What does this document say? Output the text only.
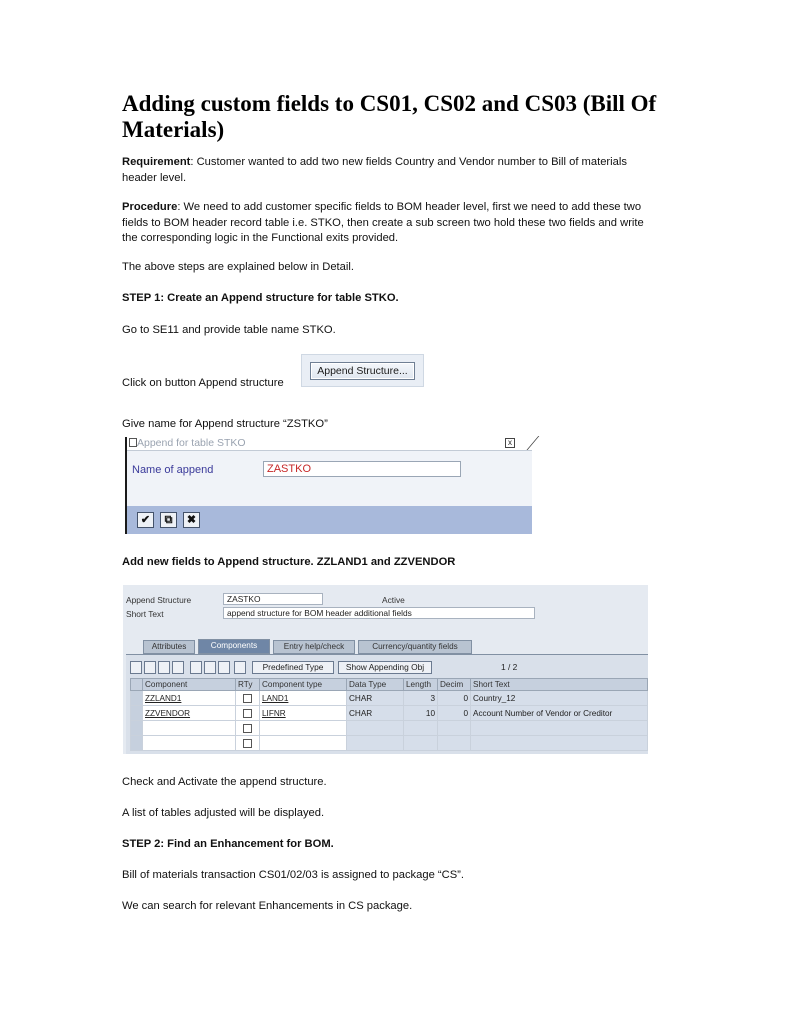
Adding custom fields to CS01, CS02 and CS03 (Bill Of Materials)
Requirement: Customer wanted to add two new fields Country and Vendor number to Bill of materials header level.
Procedure: We need to add customer specific fields to BOM header level, first we need to add these two fields to BOM header record table i.e. STKO, then create a sub screen two hold these two fields and write the corresponding logic in the Functional exits provided.
The above steps are explained below in Detail.
STEP 1: Create an Append structure for table STKO.
Go to SE11 and provide table name STKO.
Click on button Append structure
Append Structure...
Give name for Append structure “ZSTKO”
Append for table STKO	x
Name of append	ZASTKO
✔	⧉	✖
Add new fields to Append structure. ZZLAND1 and ZZVENDOR
Append Structure	ZASTKO	Active
Short Text	append structure for BOM header additional fields
Attributes	Components	Entry help/check	Currency/quantity fields
Predefined Type	Show Appending Obj	1 / 2
	Component	RTy	Component type	Data Type	Length	Decim	Short Text
	ZZLAND1		LAND1	CHAR	3	0	Country_12
	ZZVENDOR		LIFNR	CHAR	10	0	Account Number of Vendor or Creditor

Check and Activate the append structure.
A list of tables adjusted will be displayed.
STEP 2: Find an Enhancement for BOM.
Bill of materials transaction CS01/02/03 is assigned to package “CS”.
We can search for relevant Enhancements in CS package.
